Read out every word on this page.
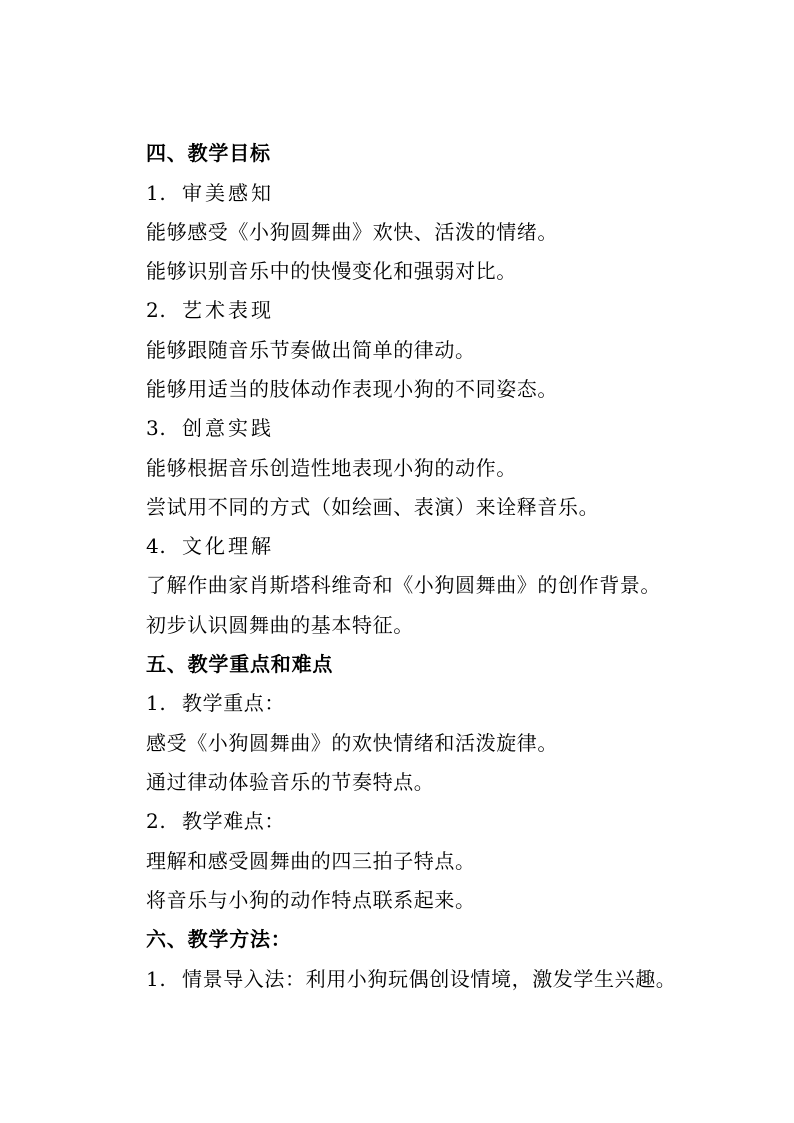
四、教学目标
1. 审美感知
能够感受《小狗圆舞曲》欢快、活泼的情绪。
能够识别音乐中的快慢变化和强弱对比。
2. 艺术表现
能够跟随音乐节奏做出简单的律动。
能够用适当的肢体动作表现小狗的不同姿态。
3. 创意实践
能够根据音乐创造性地表现小狗的动作。
尝试用不同的方式（如绘画、表演）来诠释音乐。
4. 文化理解
了解作曲家肖斯塔科维奇和《小狗圆舞曲》的创作背景。
初步认识圆舞曲的基本特征。
五、教学重点和难点
1. 教学重点：
感受《小狗圆舞曲》的欢快情绪和活泼旋律。
通过律动体验音乐的节奏特点。
2. 教学难点：
理解和感受圆舞曲的四三拍子特点。
将音乐与小狗的动作特点联系起来。
六、教学方法：
1. 情景导入法：利用小狗玩偶创设情境，激发学生兴趣。
